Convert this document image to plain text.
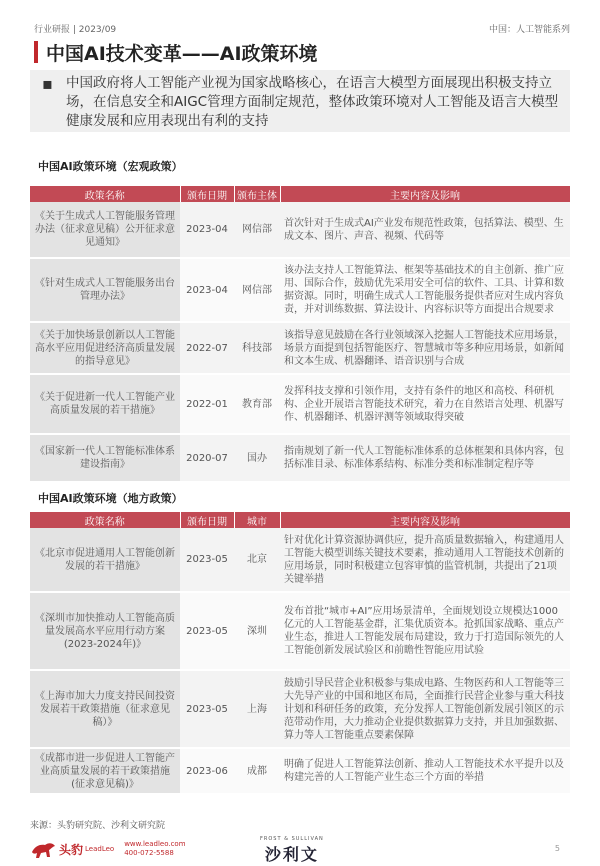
行业研报 | 2023/09	中国：人工智能系列
中国AI技术变革——AI政策环境
▪ 中国政府将人工智能产业视为国家战略核心，在语言大模型方面展现出积极支持立场，在信息安全和AIGC管理方面制定规范，整体政策环境对人工智能及语言大模型健康发展和应用表现出有利的支持
中国AI政策环境（宏观政策）
政策名称	颁布日期	颁布主体	主要内容及影响
《关于生成式人工智能服务管理办法（征求意见稿）公开征求意见通知》	2023-04	网信部	首次针对于生成式AI产业发布规范性政策，包括算法、模型、生成文本、图片、声音、视频、代码等
《针对生成式人工智能服务出台管理办法》	2023-04	网信部	该办法支持人工智能算法、框架等基础技术的自主创新、推广应用、国际合作，鼓励优先采用安全可信的软件、工具、计算和数据资源。同时，明确生成式人工智能服务提供者应对生成内容负责，并对训练数据、算法设计、内容标识等方面提出合规要求
《关于加快场景创新以人工智能高水平应用促进经济高质量发展的指导意见》	2022-07	科技部	该指导意见鼓励在各行业领域深入挖掘人工智能技术应用场景，场景方面提到包括智能医疗、智慧城市等多种应用场景，如新闻和文本生成、机器翻译、语音识别与合成
《关于促进新一代人工智能产业高质量发展的若干措施》	2022-01	教育部	发挥科技支撑和引领作用，支持有条件的地区和高校、科研机构、企业开展语言智能技术研究，着力在自然语言处理、机器写作、机器翻译、机器评测等领域取得突破
《国家新一代人工智能标准体系建设指南》	2020-07	国办	指南规划了新一代人工智能标准体系的总体框架和具体内容，包括标准目录、标准体系结构、标准分类和标准制定程序等
中国AI政策环境（地方政策）
政策名称	颁布日期	城市	主要内容及影响
《北京市促进通用人工智能创新发展的若干措施》	2023-05	北京	针对优化计算资源协调供应，提升高质量数据输入，构建通用人工智能大模型训练关键技术要素，推动通用人工智能技术创新的应用场景，同时积极建立包容审慎的监管机制，共提出了21项关键举措
《深圳市加快推动人工智能高质量发展高水平应用行动方案(2023-2024年)》	2023-05	深圳	发布首批“城市+AI”应用场景清单，全面规划设立规模达1000亿元的人工智能基金群，汇集优质资本。抢抓国家战略、重点产业生态，推进人工智能发展布局建设，致力于打造国际领先的人工智能创新发展试验区和前瞻性智能应用试验
《上海市加大力度支持民间投资发展若干政策措施（征求意见稿）》	2023-05	上海	鼓励引导民营企业积极参与集成电路、生物医药和人工智能等三大先导产业的中国和地区布局，全面推行民营企业参与重大科技计划和科研任务的政策，充分发挥人工智能创新发展引领区的示范带动作用，大力推动企业提供数据算力支持，并且加强数据、算力等人工智能重点要素保障
《成都市进一步促进人工智能产业高质量发展的若干政策措施(征求意见稿)》	2023-06	成都	明确了促进人工智能算法创新、推动人工智能技术水平提升以及构建完善的人工智能产业生态三个方面的举措
来源：头豹研究院、沙利文研究院
头豹 LeadLeo
www.leadleo.com
400-072-5588
FROST & SULLIVAN
沙利文	5
